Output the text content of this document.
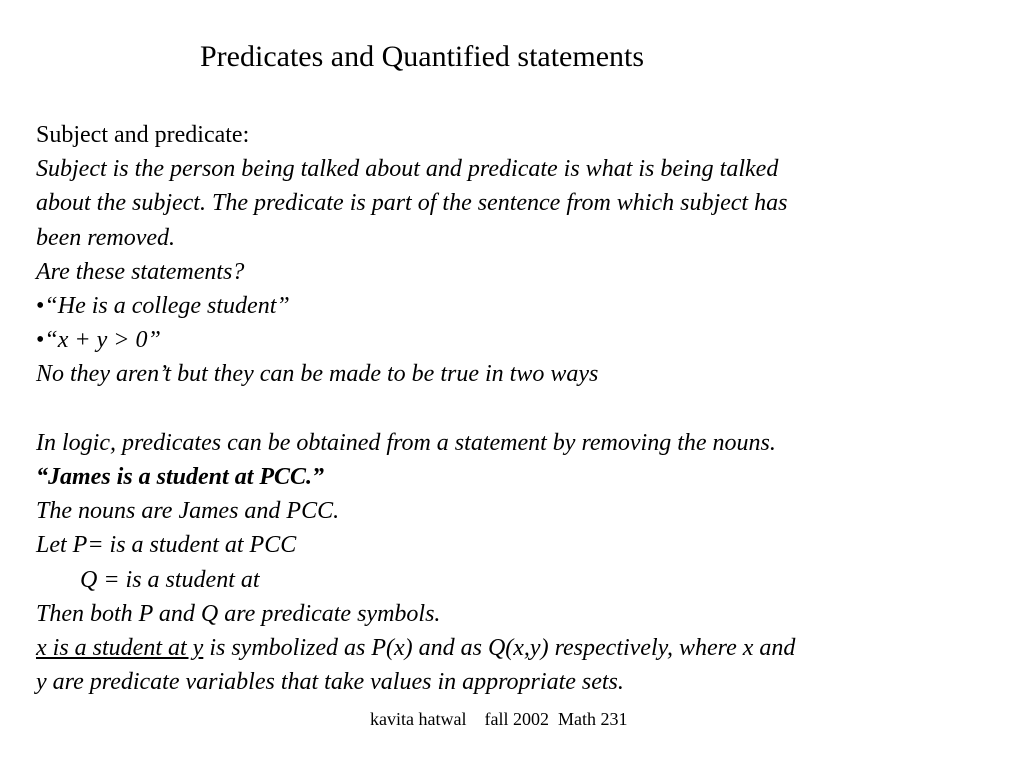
Predicates and Quantified statements
Subject and predicate:
Subject is the person being talked about and predicate is what is being talked
about the subject. The predicate is part of the sentence from which subject has
been removed.
Are these statements?
•“He is a college student”
•“x + y > 0”
No they aren’t but they can be made to be true in two ways
In logic, predicates can be obtained from a statement by removing the nouns.
“James is a student at PCC.”
The nouns are James and PCC.
Let P= is a student at PCC
Q = is a student at
Then both P and Q are predicate symbols.
x is a student at y is symbolized as P(x) and as Q(x,y) respectively, where x and
y are predicate variables that take values in appropriate sets.
kavita hatwal    fall 2002  Math 231
